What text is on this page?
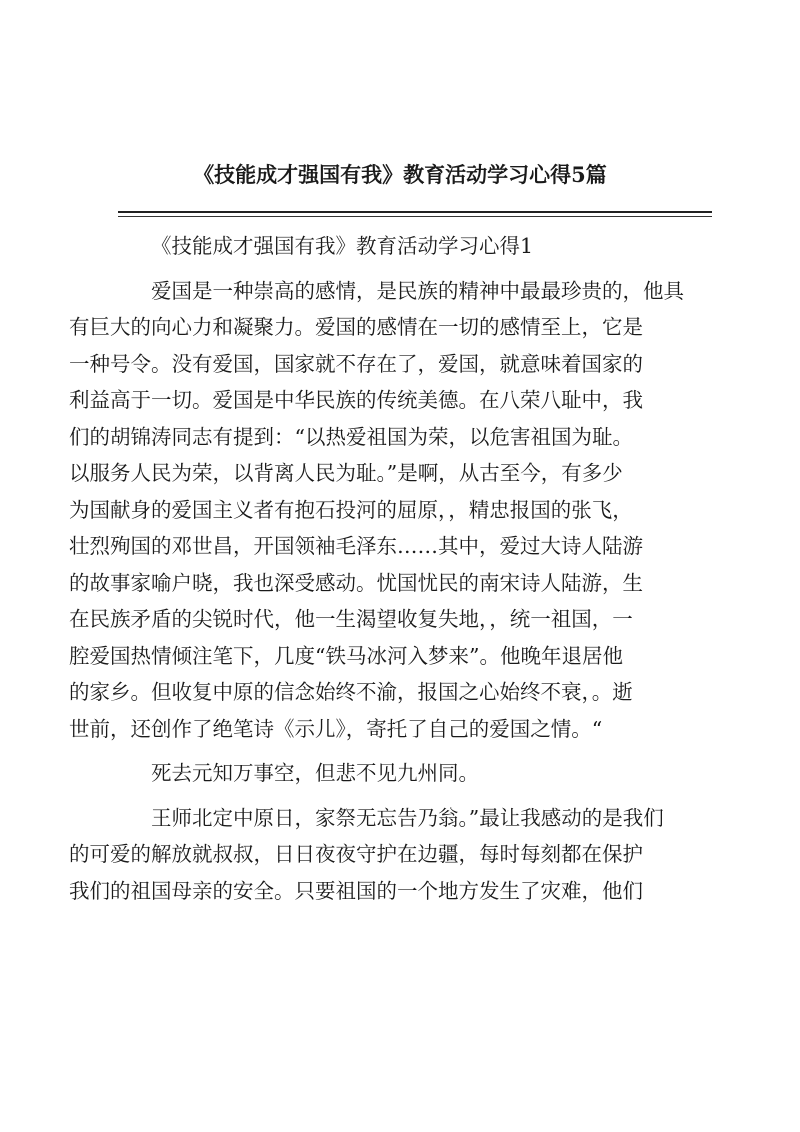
《技能成才强国有我》教育活动学习心得5篇

《技能成才强国有我》教育活动学习心得1

爱国是一种崇高的感情，是民族的精神中最最珍贵的，他具
有巨大的向心力和凝聚力。爱国的感情在一切的感情至上，它是
一种号令。没有爱国，国家就不存在了，爱国，就意味着国家的
利益高于一切。爱国是中华民族的传统美德。在八荣八耻中，我
们的胡锦涛同志有提到：“以热爱祖国为荣，以危害祖国为耻。
以服务人民为荣，以背离人民为耻。”是啊，从古至今，有多少
为国献身的爱国主义者有抱石投河的屈原，，精忠报国的张飞，
壮烈殉国的邓世昌，开国领袖毛泽东……其中，爱过大诗人陆游
的故事家喻户晓，我也深受感动。忧国忧民的南宋诗人陆游，生
在民族矛盾的尖锐时代，他一生渴望收复失地，，统一祖国，一
腔爱国热情倾注笔下，几度“铁马冰河入梦来”。他晚年退居他
的家乡。但收复中原的信念始终不渝，报国之心始终不衰，。逝
世前，还创作了绝笔诗《示儿》，寄托了自己的爱国之情。“

死去元知万事空，但悲不见九州同。

王师北定中原日，家祭无忘告乃翁。”最让我感动的是我们
的可爱的解放就叔叔，日日夜夜守护在边疆，每时每刻都在保护
我们的祖国母亲的安全。只要祖国的一个地方发生了灾难，他们
